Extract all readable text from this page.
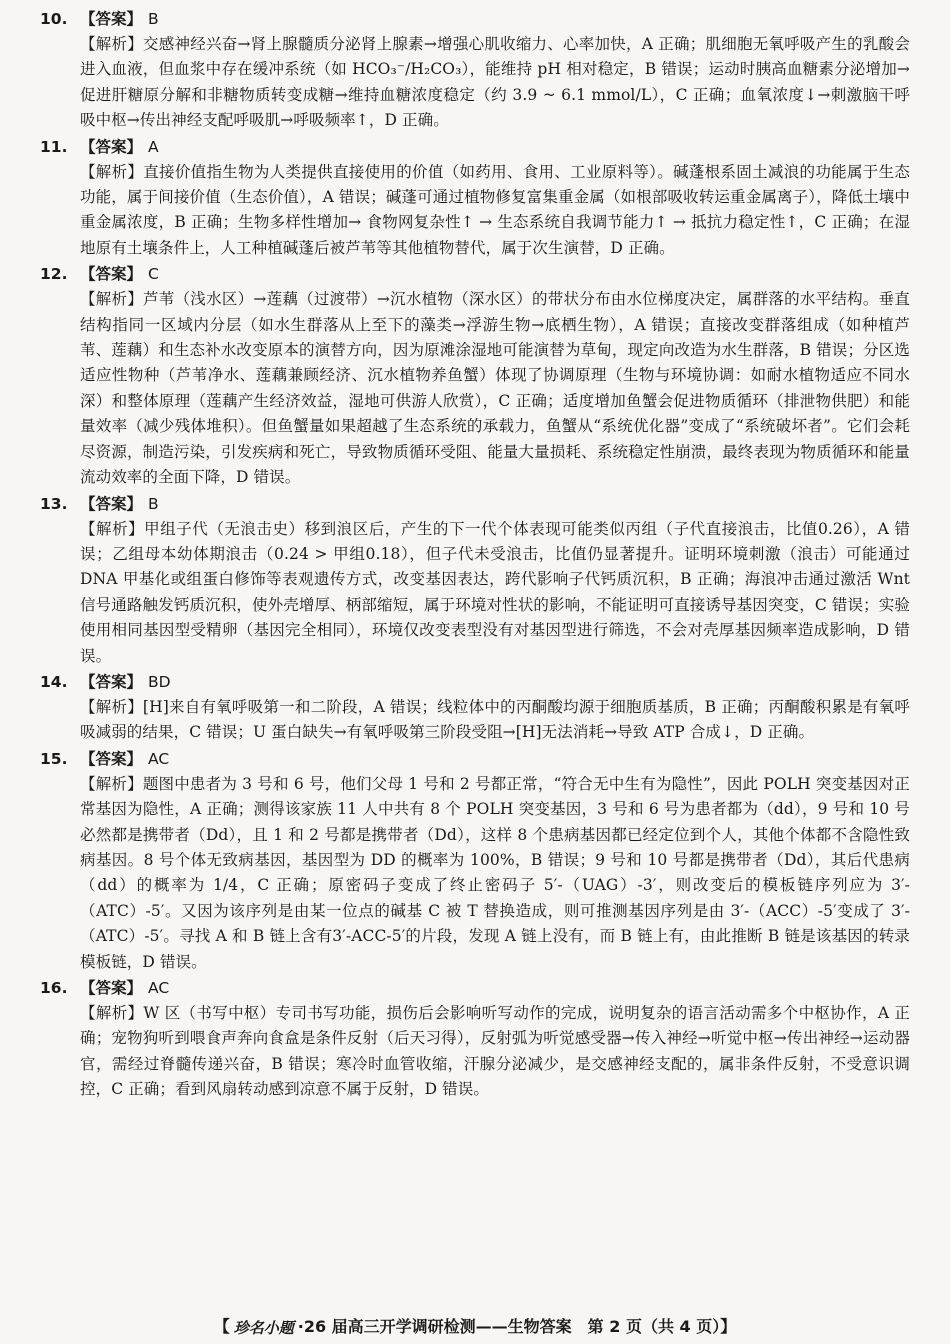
10. 【答案】 B
【解析】交感神经兴奋→肾上腺髓质分泌肾上腺素→增强心肌收缩力、心率加快，A 正确；肌细胞无氧呼吸产生的乳酸会进入血液，但血浆中存在缓冲系统（如 HCO₃⁻/H₂CO₃），能维持 pH 相对稳定，B 错误；运动时胰高血糖素分泌增加→促进肝糖原分解和非糖物质转变成糖→维持血糖浓度稳定（约 3.9 ~ 6.1 mmol/L），C 正确；血氧浓度↓→刺激脑干呼吸中枢→传出神经支配呼吸肌→呼吸频率↑，D 正确。
11. 【答案】 A
【解析】直接价值指生物为人类提供直接使用的价值（如药用、食用、工业原料等）。碱蓬根系固土减浪的功能属于生态功能，属于间接价值（生态价值），A 错误；碱蓬可通过植物修复富集重金属（如根部吸收转运重金属离子），降低土壤中重金属浓度，B 正确；生物多样性增加→ 食物网复杂性↑ → 生态系统自我调节能力↑ → 抵抗力稳定性↑，C 正确；在湿地原有土壤条件上，人工种植碱蓬后被芦苇等其他植物替代，属于次生演替，D 正确。
12. 【答案】 C
【解析】芦苇（浅水区）→莲藕（过渡带）→沉水植物（深水区）的带状分布由水位梯度决定，属群落的水平结构。垂直结构指同一区域内分层（如水生群落从上至下的藻类→浮游生物→底栖生物），A 错误；直接改变群落组成（如种植芦苇、莲藕）和生态补水改变原本的演替方向，因为原滩涂湿地可能演替为草甸，现定向改造为水生群落，B 错误；分区选适应性物种（芦苇净水、莲藕兼顾经济、沉水植物养鱼蟹）体现了协调原理（生物与环境协调：如耐水植物适应不同水深）和整体原理（莲藕产生经济效益，湿地可供游人欣赏），C 正确；适度增加鱼蟹会促进物质循环（排泄物供肥）和能量效率（减少残体堆积）。但鱼蟹量如果超越了生态系统的承载力，鱼蟹从“系统优化器”变成了“系统破坏者”。它们会耗尽资源，制造污染，引发疾病和死亡，导致物质循环受阻、能量大量损耗、系统稳定性崩溃，最终表现为物质循环和能量流动效率的全面下降，D 错误。
13. 【答案】 B
【解析】甲组子代（无浪击史）移到浪区后，产生的下一代个体表现可能类似丙组（子代直接浪击，比值0.26），A 错误；乙组母本幼体期浪击（0.24 > 甲组0.18），但子代未受浪击，比值仍显著提升。证明环境刺激（浪击）可能通过 DNA 甲基化或组蛋白修饰等表观遗传方式，改变基因表达，跨代影响子代钙质沉积，B 正确；海浪冲击通过激活 Wnt 信号通路触发钙质沉积，使外壳增厚、柄部缩短，属于环境对性状的影响，不能证明可直接诱导基因突变，C 错误；实验使用相同基因型受精卵（基因完全相同），环境仅改变表型没有对基因型进行筛选，不会对壳厚基因频率造成影响，D 错误。
14. 【答案】 BD
【解析】[H]来自有氧呼吸第一和二阶段，A 错误；线粒体中的丙酮酸均源于细胞质基质，B 正确；丙酮酸积累是有氧呼吸减弱的结果，C 错误；U 蛋白缺失→有氧呼吸第三阶段受阻→[H]无法消耗→导致 ATP 合成↓，D 正确。
15. 【答案】 AC
【解析】题图中患者为 3 号和 6 号，他们父母 1 号和 2 号都正常，“符合无中生有为隐性”，因此 POLH 突变基因对正常基因为隐性，A 正确；测得该家族 11 人中共有 8 个 POLH 突变基因，3 号和 6 号为患者都为（dd），9 号和 10 号必然都是携带者（Dd），且 1 和 2 号都是携带者（Dd），这样 8 个患病基因都已经定位到个人，其他个体都不含隐性致病基因。8 号个体无致病基因，基因型为 DD 的概率为 100%，B 错误；9 号和 10 号都是携带者（Dd），其后代患病（dd）的概率为 1/4，C 正确；原密码子变成了终止密码子 5′-（UAG）-3′，则改变后的模板链序列应为 3′-（ATC）-5′。又因为该序列是由某一位点的碱基 C 被 T 替换造成，则可推测基因序列是由 3′-（ACC）-5′变成了 3′-（ATC）-5′。寻找 A 和 B 链上含有3′-ACC-5′的片段，发现 A 链上没有，而 B 链上有，由此推断 B 链是该基因的转录模板链，D 错误。
16. 【答案】 AC
【解析】W 区（书写中枢）专司书写功能，损伤后会影响听写动作的完成，说明复杂的语言活动需多个中枢协作，A 正确；宠物狗听到喂食声奔向食盒是条件反射（后天习得），反射弧为听觉感受器→传入神经→听觉中枢→传出神经→运动器官，需经过脊髓传递兴奋，B 错误；寒冷时血管收缩，汗腺分泌减少，是交感神经支配的，属非条件反射，不受意识调控，C 正确；看到风扇转动感到凉意不属于反射，D 错误。
【 珍名小题 ·26 届高三开学调研检测——生物答案　第 2 页（共 4 页）】
